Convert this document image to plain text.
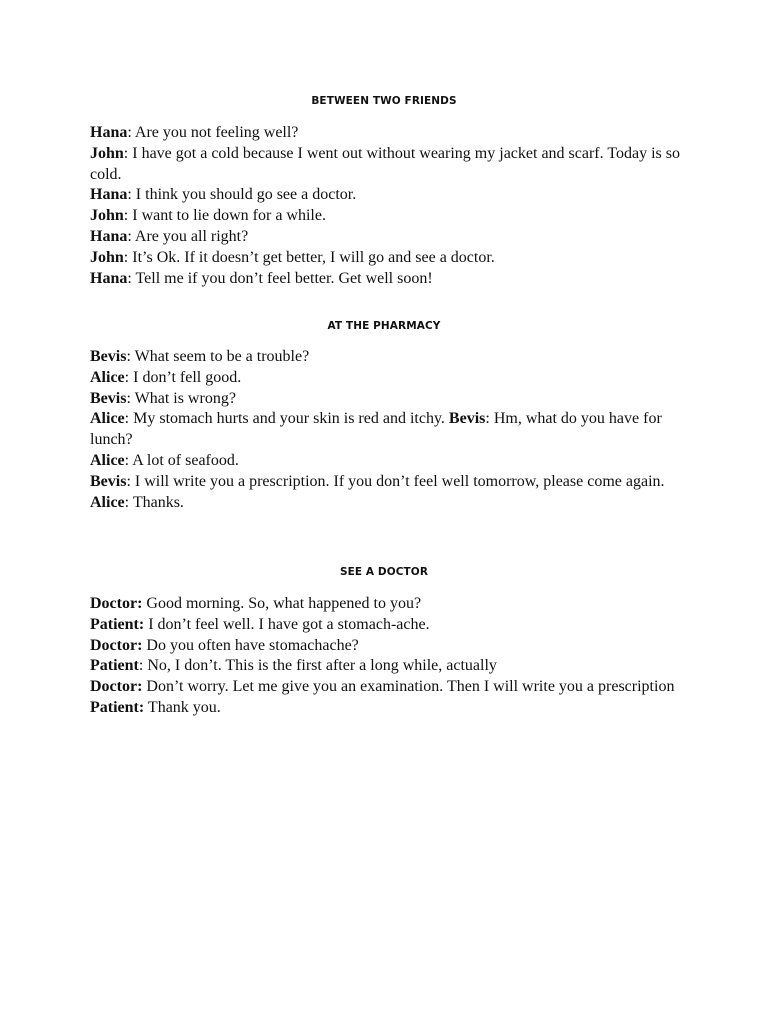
BETWEEN TWO FRIENDS

Hana: Are you not feeling well?

John: I have got a cold because I went out without wearing my jacket and scarf. Today is so cold.

Hana: I think you should go see a doctor.

John: I want to lie down for a while.

Hana: Are you all right?

John: It’s Ok. If it doesn’t get better, I will go and see a doctor.

Hana: Tell me if you don’t feel better. Get well soon!

AT THE PHARMACY

Bevis: What seem to be a trouble?

Alice: I don’t fell good.

Bevis: What is wrong?

Alice: My stomach hurts and your skin is red and itchy. Bevis: Hm, what do you have for lunch?

Alice: A lot of seafood.

Bevis: I will write you a prescription. If you don’t feel well tomorrow, please come again.

Alice: Thanks.

SEE A DOCTOR

Doctor: Good morning. So, what happened to you?

Patient: I don’t feel well. I have got a stomach-ache.

Doctor: Do you often have stomachache?

Patient: No, I don’t. This is the first after a long while, actually

Doctor: Don’t worry. Let me give you an examination. Then I will write you a prescription

Patient: Thank you.
